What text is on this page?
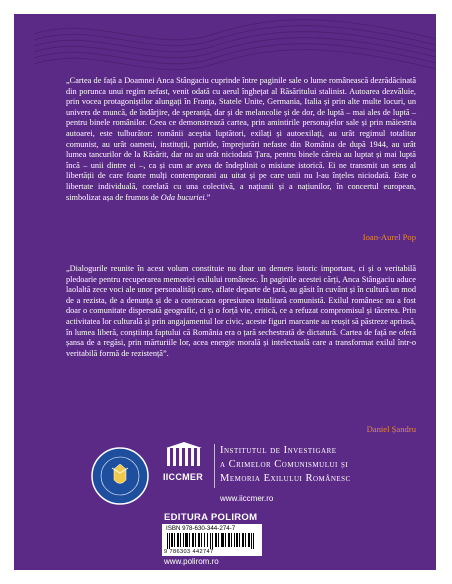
„Cartea de față a Doamnei Anca Stângaciu cuprinde între paginile sale o lume românească dezrădăcinată din porunca unui regim nefast, venit odată cu aerul înghețat al Răsăritului stalinist. Autoarea dezvăluie, prin vocea protagoniștilor alungați în Franța, Statele Unite, Germania, Italia și prin alte multe locuri, un univers de muncă, de îndârjire, de speranță, dar și de melancolie și de dor, de luptă – mai ales de luptă – pentru binele românilor. Ceea ce demonstrează cartea, prin amintirile personajelor sale și prin măiestria autoarei, este tulburător: românii aceștia luptători, exilați și autoexilați, au urât regimul totalitar comunist, au urât oameni, instituții, partide, împrejurări nefaste din România de după 1944, au urât lumea tancurilor de la Răsărit, dar nu au urât niciodată Țara, pentru binele căreia au luptat și mai luptă încă – unii dintre ei –, ca și cum ar avea de îndeplinit o misiune istorică. Ei ne transmit un sens al libertății de care foarte mulți contemporani au uitat și pe care unii nu l-au înțeles niciodată. Este o libertate individuală, corelată cu una colectivă, a națiunii și a națiunilor, în concertul european, simbolizat așa de frumos de Oda bucuriei.”

Ioan-Aurel Pop

„Dialogurile reunite în acest volum constituie nu doar un demers istoric important, ci și o veritabilă pledoarie pentru recuperarea memoriei exilului românesc. În paginile acestei cărți, Anca Stângaciu aduce laolaltă zece voci ale unor personalități care, aflate departe de țară, au găsit în cuvânt și în cultură un mod de a rezista, de a denunța și de a contracara opresiunea totalitară comunistă. Exilul românesc nu a fost doar o comunitate dispersată geografic, ci și o forță vie, critică, ce a refuzat compromisul și tăcerea. Prin activitatea lor culturală și prin angajamentul lor civic, aceste figuri marcante au reușit să păstreze aprinsă, în lumea liberă, conștiința faptului că România era o țară sechestrată de dictatură. Cartea de față ne oferă șansa de a regăsi, prin mărturiile lor, acea energie morală și intelectuală care a transformat exilul într-o veritabilă formă de rezistență”.

Daniel Șandru
IICCMER
Institutul de Investigare
a Crimelor Comunismului și
Memoria Exilului Românesc
www.iiccmer.ro
EDITURA POLIROM
ISBN 978-630-344-274-7
9 786303 442747
www.polirom.ro
